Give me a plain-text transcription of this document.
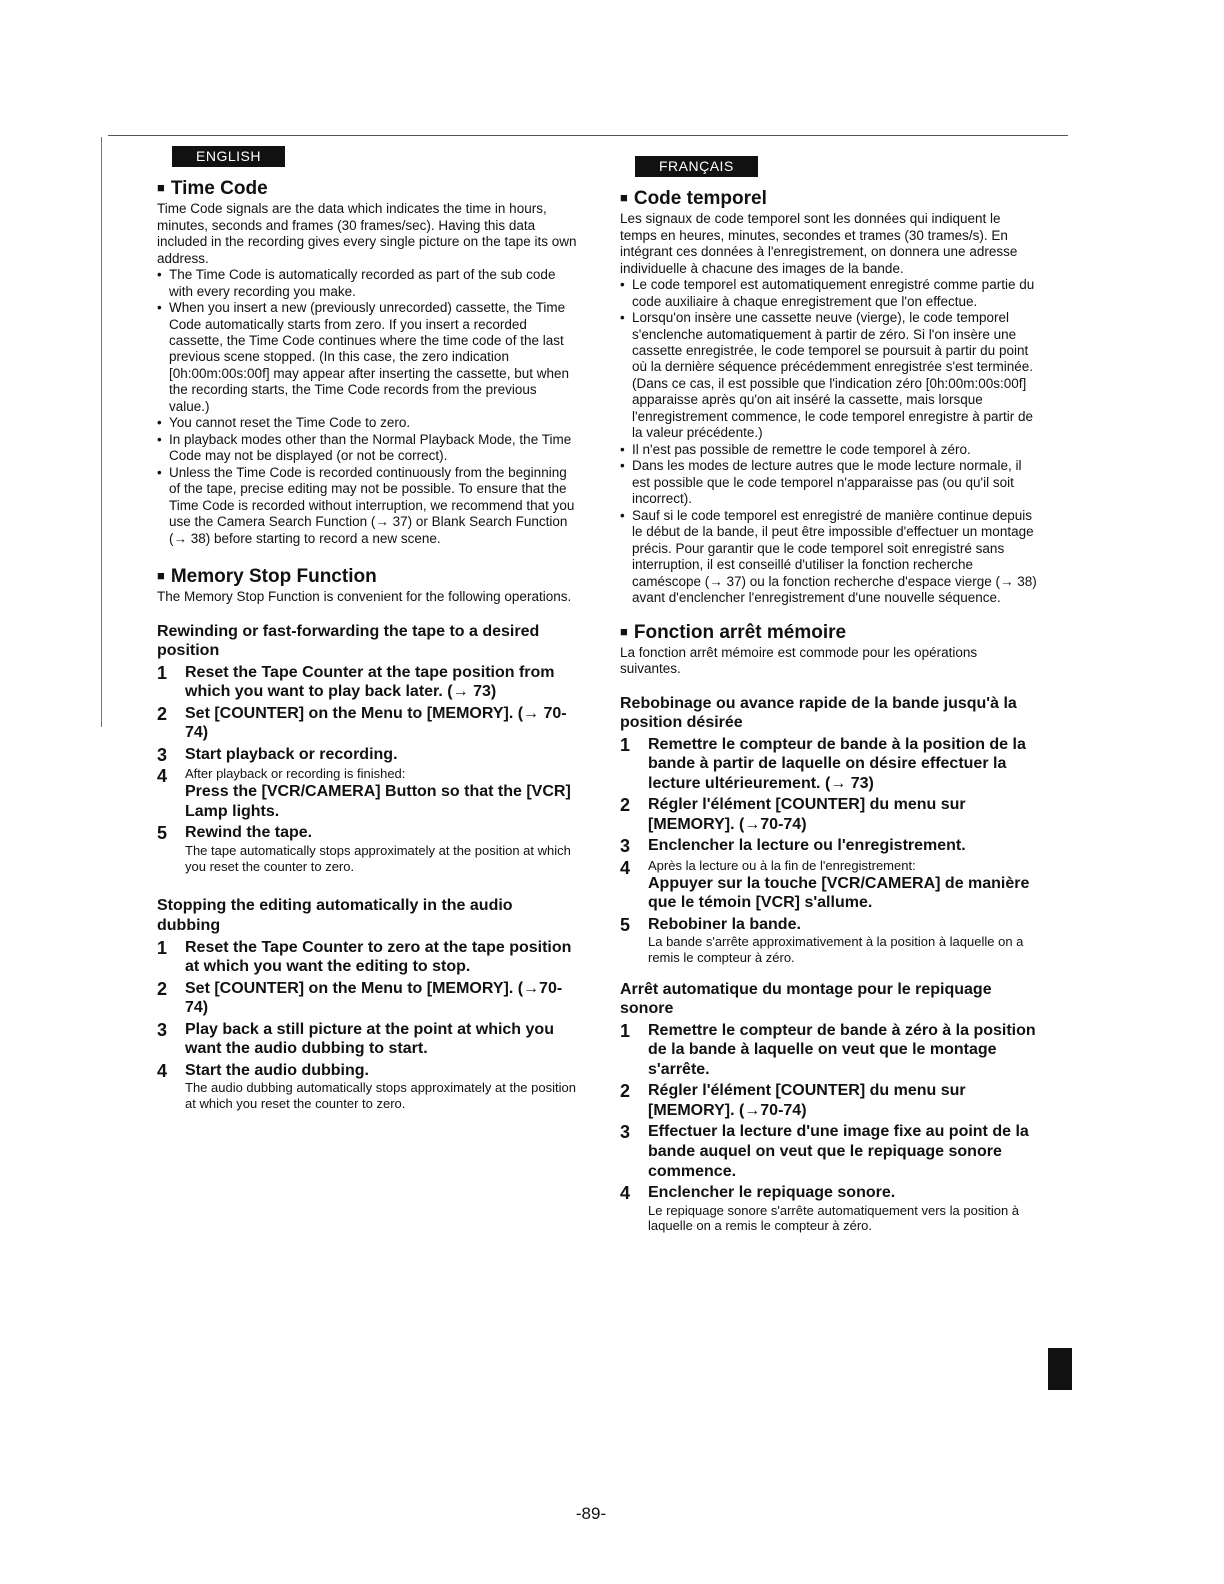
ENGLISH
■ Time Code

Time Code signals are the data which indicates the time in hours, minutes, seconds and frames (30 frames/sec). Having this data included in the recording gives every single picture on the tape its own address.

• The Time Code is automatically recorded as part of the sub code with every recording you make.
• When you insert a new (previously unrecorded) cassette, the Time Code automatically starts from zero. If you insert a recorded cassette, the Time Code continues where the time code of the last previous scene stopped. (In this case, the zero indication [0h:00m:00s:00f] may appear after inserting the cassette, but when the recording starts, the Time Code records from the previous value.)
• You cannot reset the Time Code to zero.
• In playback modes other than the Normal Playback Mode, the Time Code may not be displayed (or not be correct).
• Unless the Time Code is recorded continuously from the beginning of the tape, precise editing may not be possible. To ensure that the Time Code is recorded without interruption, we recommend that you use the Camera Search Function (→ 37) or Blank Search Function (→ 38) before starting to record a new scene.
■ Memory Stop Function

The Memory Stop Function is convenient for the following operations.

Rewinding or fast-forwarding the tape to a desired position
1 Reset the Tape Counter at the tape position from which you want to play back later. (→ 73)
2 Set [COUNTER] on the Menu to [MEMORY]. (→ 70-74)
3 Start playback or recording.
4 After playback or recording is finished:
Press the [VCR/CAMERA] Button so that the [VCR] Lamp lights.
5 Rewind the tape.
The tape automatically stops approximately at the position at which you reset the counter to zero.
Stopping the editing automatically in the audio dubbing
1 Reset the Tape Counter to zero at the tape position at which you want the editing to stop.
2 Set [COUNTER] on the Menu to [MEMORY]. (→70-74)
3 Play back a still picture at the point at which you want the audio dubbing to start.
4 Start the audio dubbing.
The audio dubbing automatically stops approximately at the position at which you reset the counter to zero.
FRANÇAIS
■ Code temporel

Les signaux de code temporel sont les données qui indiquent le temps en heures, minutes, secondes et trames (30 trames/s). En intégrant ces données à l'enregistrement, on donnera une adresse individuelle à chacune des images de la bande.

• Le code temporel est automatiquement enregistré comme partie du code auxiliaire à chaque enregistrement que l'on effectue.
• Lorsqu'on insère une cassette neuve (vierge), le code temporel s'enclenche automatiquement à partir de zéro. Si l'on insère une cassette enregistrée, le code temporel se poursuit à partir du point où la dernière séquence précédemment enregistrée s'est terminée. (Dans ce cas, il est possible que l'indication zéro [0h:00m:00s:00f] apparaisse après qu'on ait inséré la cassette, mais lorsque l'enregistrement commence, le code temporel enregistre à partir de la valeur précédente.)
• Il n'est pas possible de remettre le code temporel à zéro.
• Dans les modes de lecture autres que le mode lecture normale, il est possible que le code temporel n'apparaisse pas (ou qu'il soit incorrect).
• Sauf si le code temporel est enregistré de manière continue depuis le début de la bande, il peut être impossible d'effectuer un montage précis. Pour garantir que le code temporel soit enregistré sans interruption, il est conseillé d'utiliser la fonction recherche caméscope (→ 37) ou la fonction recherche d'espace vierge (→ 38) avant d'enclencher l'enregistrement d'une nouvelle séquence.
■ Fonction arrêt mémoire

La fonction arrêt mémoire est commode pour les opérations suivantes.

Rebobinage ou avance rapide de la bande jusqu'à la position désirée
1 Remettre le compteur de bande à la position de la bande à partir de laquelle on désire effectuer la lecture ultérieurement. (→ 73)
2 Régler l'élément [COUNTER] du menu sur [MEMORY]. (→70-74)
3 Enclencher la lecture ou l'enregistrement.
4 Après la lecture ou à la fin de l'enregistrement:
Appuyer sur la touche [VCR/CAMERA] de manière que le témoin [VCR] s'allume.
5 Rebobiner la bande.
La bande s'arrête approximativement à la position à laquelle on a remis le compteur à zéro.
Arrêt automatique du montage pour le repiquage sonore
1 Remettre le compteur de bande à zéro à la position de la bande à laquelle on veut que le montage s'arrête.
2 Régler l'élément [COUNTER] du menu sur [MEMORY]. (→70-74)
3 Effectuer la lecture d'une image fixe au point de la bande auquel on veut que le repiquage sonore commence.
4 Enclencher le repiquage sonore.
Le repiquage sonore s'arrête automatiquement vers la position à laquelle on a remis le compteur à zéro.
-89-
